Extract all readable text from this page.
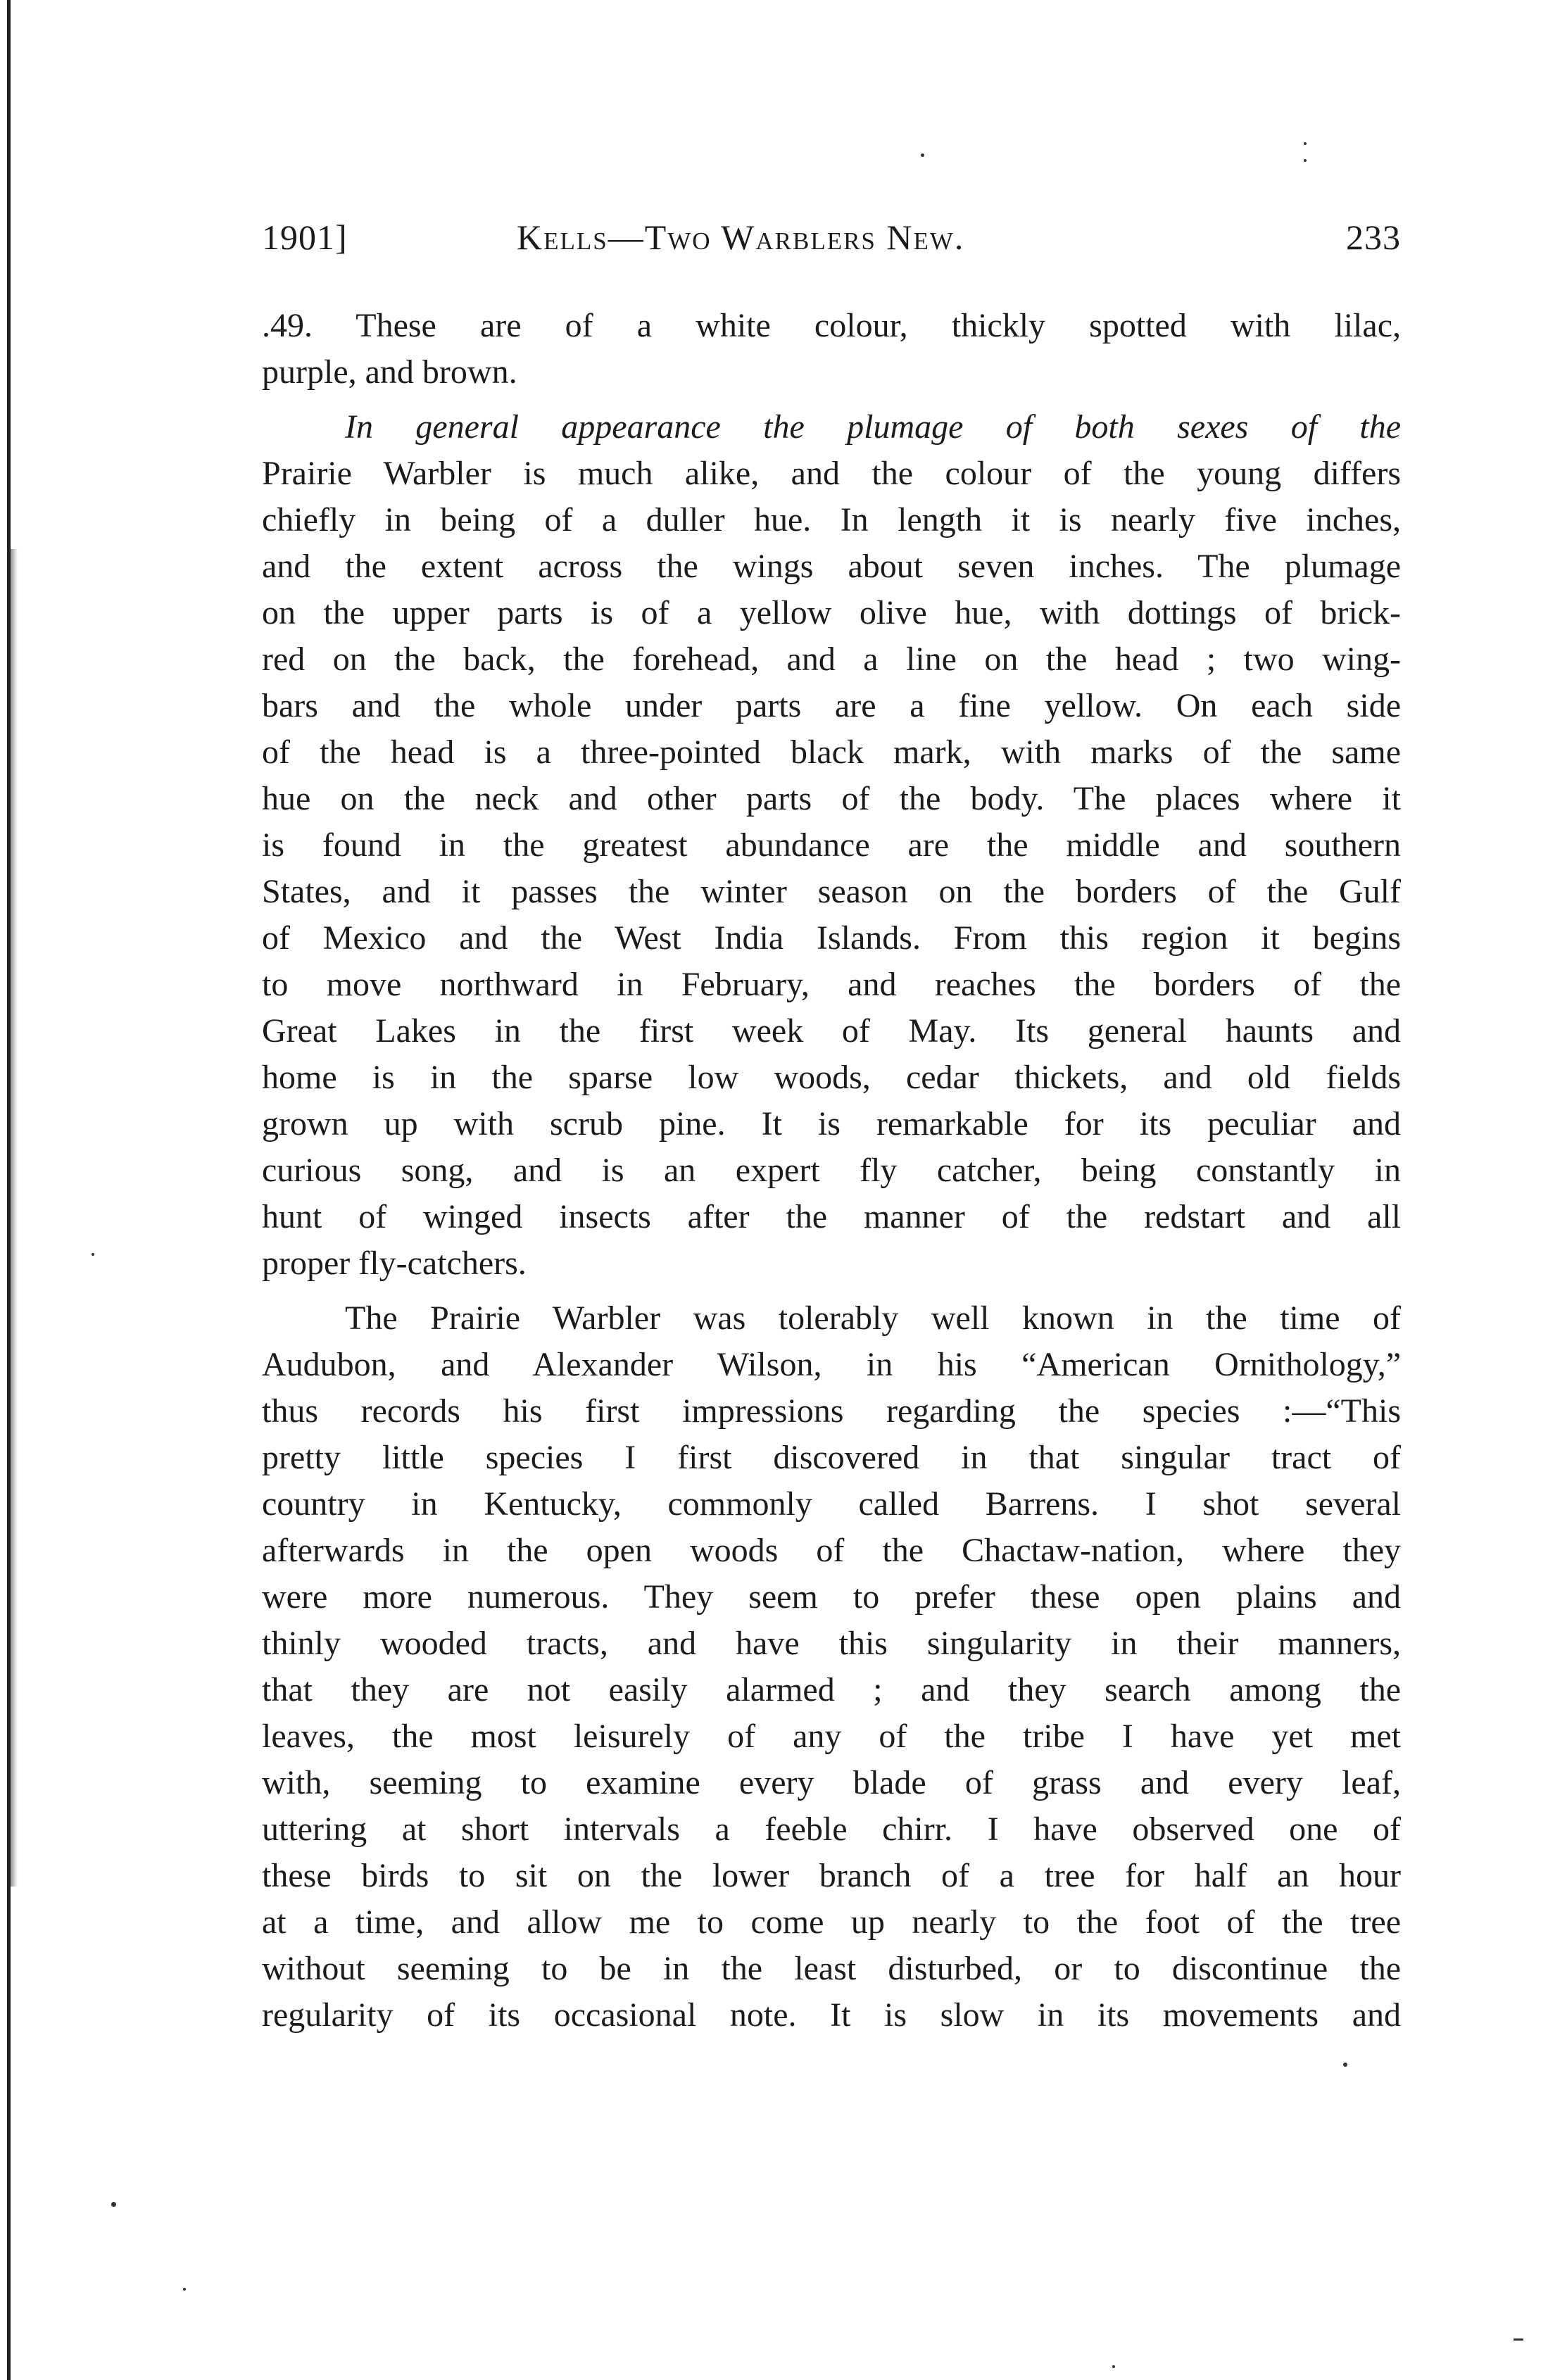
1901]	Kells—Two Warblers New.	233

.49. These are of a white colour, thickly spotted with lilac,
purple, and brown.

In general appearance the plumage of both sexes of the
Prairie Warbler is much alike, and the colour of the young differs
chiefly in being of a duller hue. In length it is nearly five inches,
and the extent across the wings about seven inches. The plumage
on the upper parts is of a yellow olive hue, with dottings of brick-
red on the back, the forehead, and a line on the head ; two wing-
bars and the whole under parts are a fine yellow. On each side
of the head is a three-pointed black mark, with marks of the same
hue on the neck and other parts of the body. The places where it
is found in the greatest abundance are the middle and southern
States, and it passes the winter season on the borders of the Gulf
of Mexico and the West India Islands. From this region it begins
to move northward in February, and reaches the borders of the
Great Lakes in the first week of May. Its general haunts and
home is in the sparse low woods, cedar thickets, and old fields
grown up with scrub pine. It is remarkable for its peculiar and
curious song, and is an expert fly catcher, being constantly in
hunt of winged insects after the manner of the redstart and all
proper fly-catchers.

The Prairie Warbler was tolerably well known in the time of
Audubon, and Alexander Wilson, in his “American Ornithology,”
thus records his first impressions regarding the species :—“This
pretty little species I first discovered in that singular tract of
country in Kentucky, commonly called Barrens. I shot several
afterwards in the open woods of the Chactaw-nation, where they
were more numerous. They seem to prefer these open plains and
thinly wooded tracts, and have this singularity in their manners,
that they are not easily alarmed ; and they search among the
leaves, the most leisurely of any of the tribe I have yet met
with, seeming to examine every blade of grass and every leaf,
uttering at short intervals a feeble chirr. I have observed one of
these birds to sit on the lower branch of a tree for half an hour
at a time, and allow me to come up nearly to the foot of the tree
without seeming to be in the least disturbed, or to discontinue the
regularity of its occasional note. It is slow in its movements and
